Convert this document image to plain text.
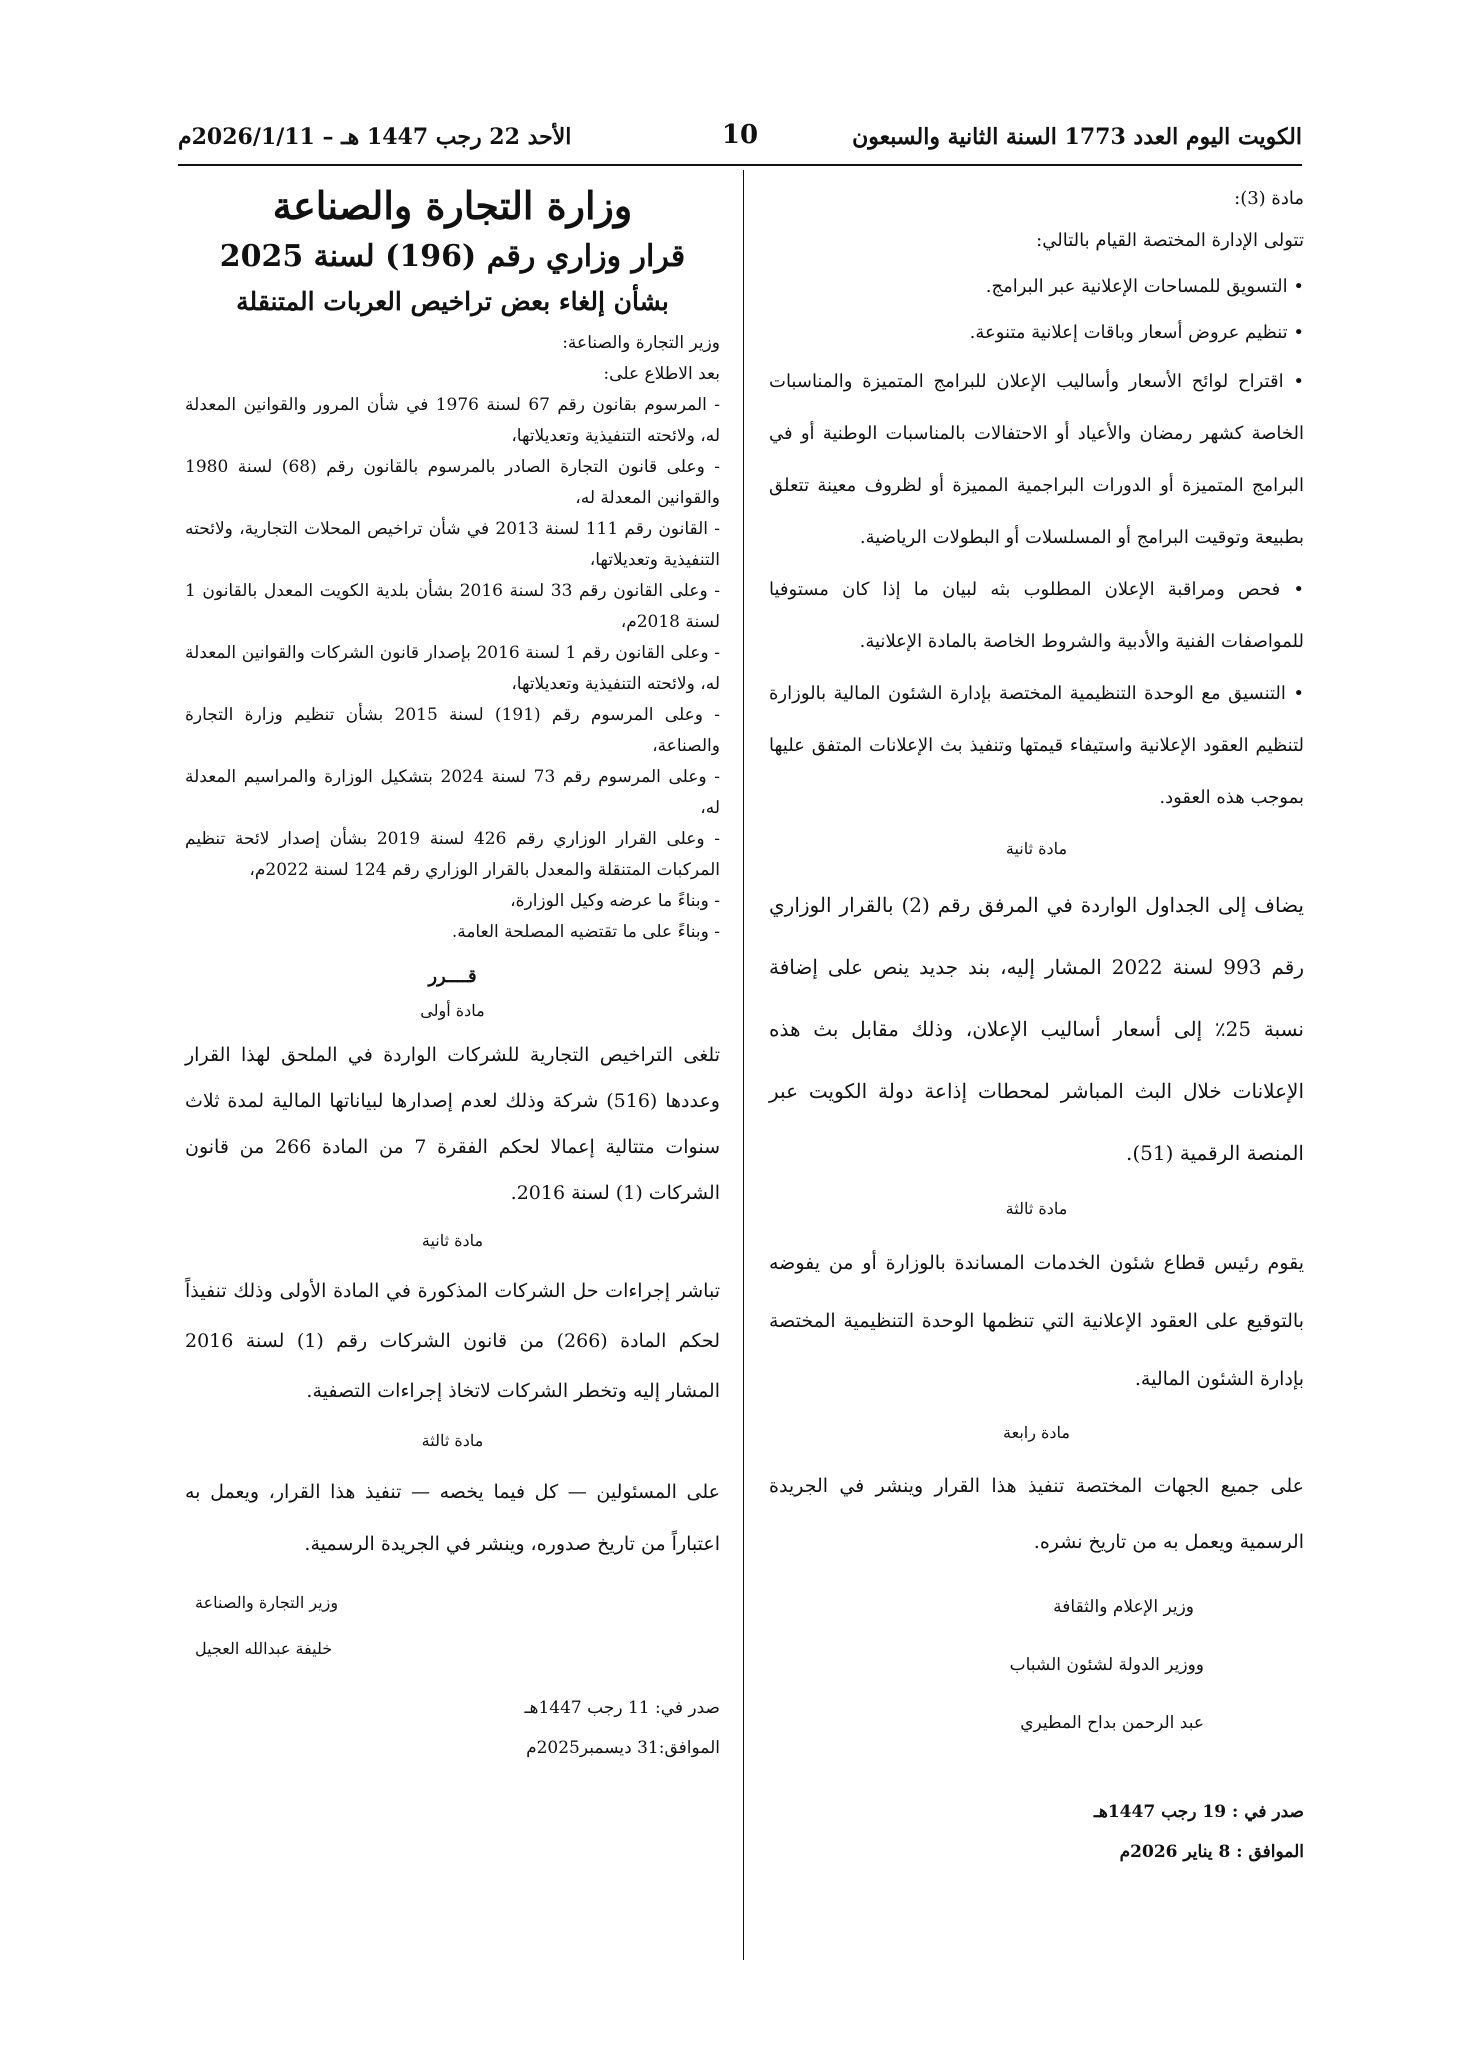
الكويت اليوم العدد 1773 السنة الثانية والسبعون
10
الأحد 22 رجب 1447 هـ – 2026/1/11م

مادة (3):

تتولى الإدارة المختصة القيام بالتالي:

• التسويق للمساحات الإعلانية عبر البرامج.

• تنظيم عروض أسعار وباقات إعلانية متنوعة.

• اقتراح لوائح الأسعار وأساليب الإعلان للبرامج المتميزة والمناسبات الخاصة كشهر رمضان والأعياد أو الاحتفالات بالمناسبات الوطنية أو في البرامج المتميزة أو الدورات البراجمية المميزة أو لظروف معينة تتعلق بطبيعة وتوقيت البرامج أو المسلسلات أو البطولات الرياضية.

• فحص ومراقبة الإعلان المطلوب بثه لبيان ما إذا كان مستوفيا للمواصفات الفنية والأدبية والشروط الخاصة بالمادة الإعلانية.

• التنسيق مع الوحدة التنظيمية المختصة بإدارة الشئون المالية بالوزارة لتنظيم العقود الإعلانية واستيفاء قيمتها وتنفيذ بث الإعلانات المتفق عليها بموجب هذه العقود.

مادة ثانية

يضاف إلى الجداول الواردة في المرفق رقم (2) بالقرار الوزاري رقم 993 لسنة 2022 المشار إليه، بند جديد ينص على إضافة نسبة 25٪ إلى أسعار أساليب الإعلان، وذلك مقابل بث هذه الإعلانات خلال البث المباشر لمحطات إذاعة دولة الكويت عبر المنصة الرقمية (51).

مادة ثالثة

يقوم رئيس قطاع شئون الخدمات المساندة بالوزارة أو من يفوضه بالتوقيع على العقود الإعلانية التي تنظمها الوحدة التنظيمية المختصة بإدارة الشئون المالية.

مادة رابعة

على جميع الجهات المختصة تنفيذ هذا القرار وينشر في الجريدة الرسمية ويعمل به من تاريخ نشره.

وزير الإعلام والثقافة

ووزير الدولة لشئون الشباب

عبد الرحمن بداح المطيري

صدر في : 19 رجب 1447هـ

الموافق : 8 يناير 2026م

وزارة التجارة والصناعة

قرار وزاري رقم (196) لسنة 2025

بشأن إلغاء بعض تراخيص العربات المتنقلة

وزير التجارة والصناعة:

بعد الاطلاع على:

- المرسوم بقانون رقم 67 لسنة 1976 في شأن المرور والقوانين المعدلة له، ولائحته التنفيذية وتعديلاتها،

- وعلى قانون التجارة الصادر بالمرسوم بالقانون رقم (68) لسنة 1980 والقوانين المعدلة له،

- القانون رقم 111 لسنة 2013 في شأن تراخيص المحلات التجارية، ولائحته التنفيذية وتعديلاتها،

- وعلى القانون رقم 33 لسنة 2016 بشأن بلدية الكويت المعدل بالقانون 1 لسنة 2018م،

- وعلى القانون رقم 1 لسنة 2016 بإصدار قانون الشركات والقوانين المعدلة له، ولائحته التنفيذية وتعديلاتها،

- وعلى المرسوم رقم (191) لسنة 2015 بشأن تنظيم وزارة التجارة والصناعة،

- وعلى المرسوم رقم 73 لسنة 2024 بتشكيل الوزارة والمراسيم المعدلة له،

- وعلى القرار الوزاري رقم 426 لسنة 2019 بشأن إصدار لائحة تنظيم المركبات المتنقلة والمعدل بالقرار الوزاري رقم 124 لسنة 2022م،

- وبناءً ما عرضه وكيل الوزارة،

- وبناءً على ما تقتضيه المصلحة العامة.

قــــرر

مادة أولى

تلغى التراخيص التجارية للشركات الواردة في الملحق لهذا القرار وعددها (516) شركة وذلك لعدم إصدارها لبياناتها المالية لمدة ثلاث سنوات متتالية إعمالا لحكم الفقرة 7 من المادة 266 من قانون الشركات (1) لسنة 2016.

مادة ثانية

تباشر إجراءات حل الشركات المذكورة في المادة الأولى وذلك تنفيذاً لحكم المادة (266) من قانون الشركات رقم (1) لسنة 2016 المشار إليه وتخطر الشركات لاتخاذ إجراءات التصفية.

مادة ثالثة

على المسئولين — كل فيما يخصه — تنفيذ هذا القرار، ويعمل به اعتباراً من تاريخ صدوره، وينشر في الجريدة الرسمية.

وزير التجارة والصناعة

خليفة عبدالله العجيل

صدر في: 11 رجب 1447هـ

الموافق:31 ديسمبر2025م
